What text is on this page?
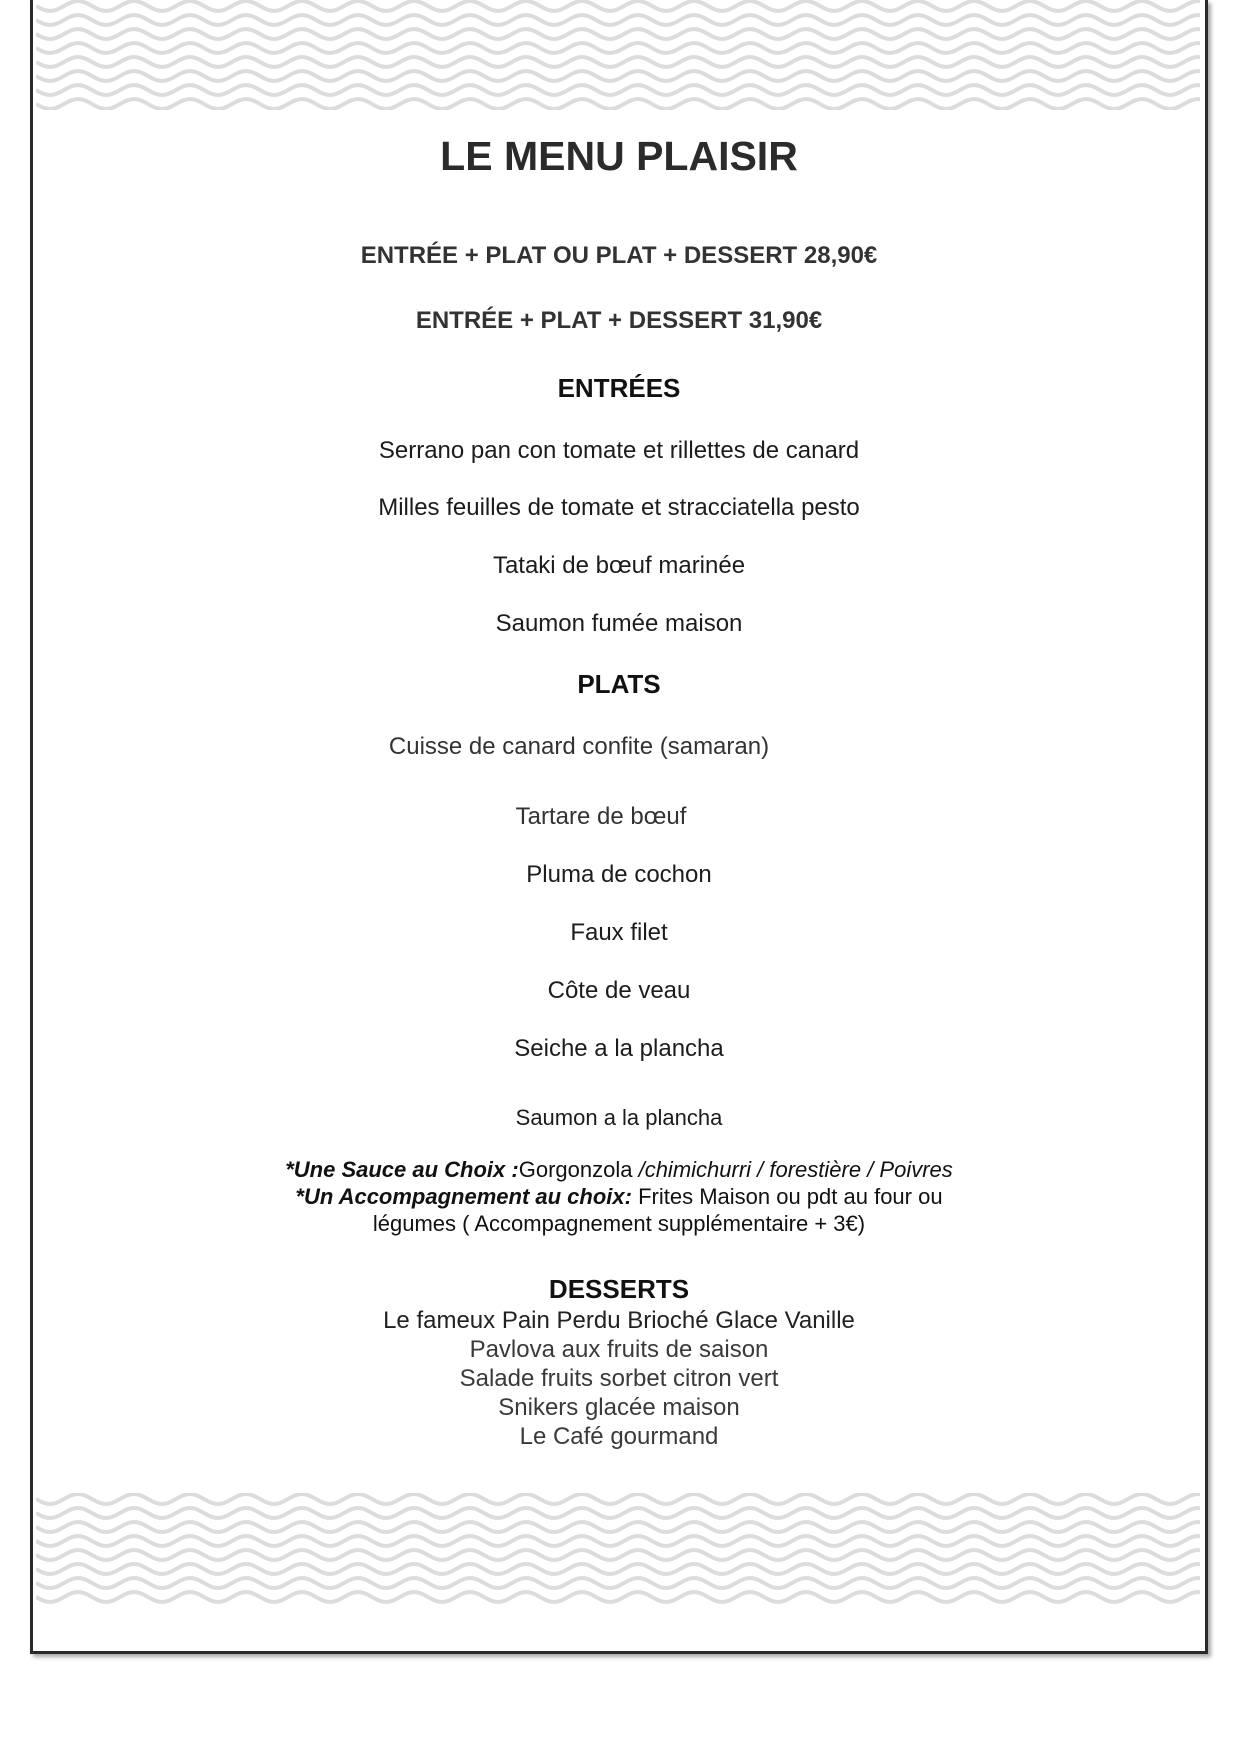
LE MENU PLAISIR
ENTRÉE + PLAT OU PLAT + DESSERT 28,90€
ENTRÉE + PLAT + DESSERT 31,90€
ENTRÉES
Serrano pan con tomate et rillettes de canard
Milles feuilles de tomate et stracciatella pesto
Tataki de bœuf marinée
Saumon fumée maison
PLATS
Cuisse de canard confite (samaran)
Tartare de bœuf
Pluma de cochon
Faux filet
Côte de veau
Seiche a la plancha
Saumon a la plancha
*Une Sauce au Choix :Gorgonzola /chimichurri / forestière / Poivres
*Un Accompagnement au choix: Frites Maison ou pdt au four ou
légumes ( Accompagnement supplémentaire + 3€)
DESSERTS
Le fameux Pain Perdu Brioché Glace Vanille
Pavlova aux fruits de saison
Salade fruits sorbet citron vert
Snikers glacée maison
Le Café gourmand
